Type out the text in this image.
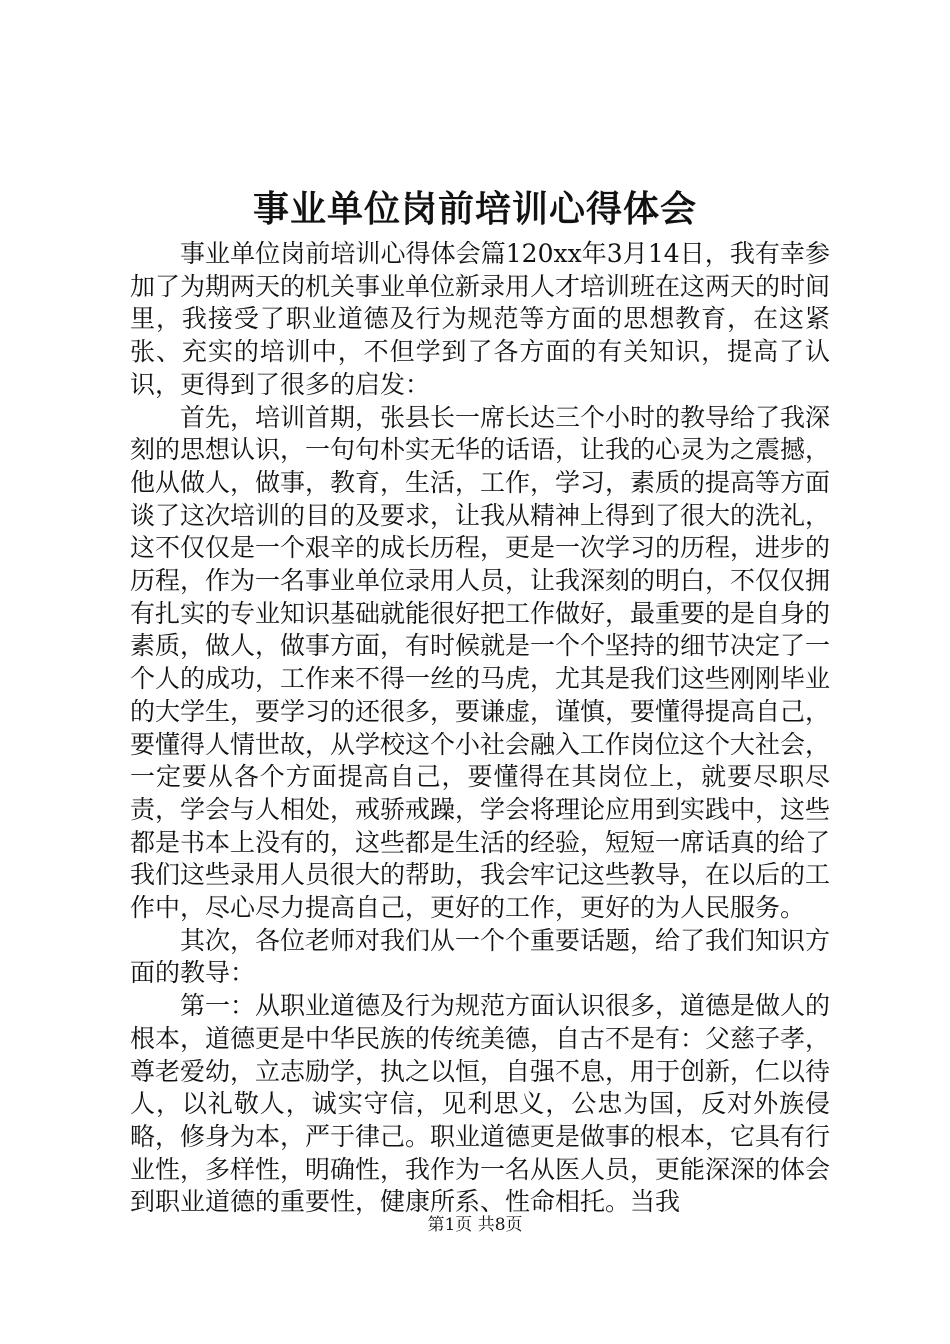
事业单位岗前培训心得体会

事业单位岗前培训心得体会篇120xx年3月14日，我有幸参加了为期两天的机关事业单位新录用人才培训班在这两天的时间里，我接受了职业道德及行为规范等方面的思想教育，在这紧张、充实的培训中，不但学到了各方面的有关知识，提高了认识，更得到了很多的启发：

首先，培训首期，张县长一席长达三个小时的教导给了我深刻的思想认识，一句句朴实无华的话语，让我的心灵为之震撼，他从做人，做事，教育，生活，工作，学习，素质的提高等方面谈了这次培训的目的及要求，让我从精神上得到了很大的洗礼，这不仅仅是一个艰辛的成长历程，更是一次学习的历程，进步的历程，作为一名事业单位录用人员，让我深刻的明白，不仅仅拥有扎实的专业知识基础就能很好把工作做好，最重要的是自身的素质，做人，做事方面，有时候就是一个个坚持的细节决定了一个人的成功，工作来不得一丝的马虎，尤其是我们这些刚刚毕业的大学生，要学习的还很多，要谦虚，谨慎，要懂得提高自己，要懂得人情世故，从学校这个小社会融入工作岗位这个大社会，一定要从各个方面提高自己，要懂得在其岗位上，就要尽职尽责，学会与人相处，戒骄戒躁，学会将理论应用到实践中，这些都是书本上没有的，这些都是生活的经验，短短一席话真的给了我们这些录用人员很大的帮助，我会牢记这些教导，在以后的工作中，尽心尽力提高自己，更好的工作，更好的为人民服务。

其次，各位老师对我们从一个个重要话题，给了我们知识方面的教导：

第一：从职业道德及行为规范方面认识很多，道德是做人的根本，道德更是中华民族的传统美德，自古不是有：父慈子孝，尊老爱幼，立志励学，执之以恒，自强不息，用于创新，仁以待人，以礼敬人，诚实守信，见利思义，公忠为国，反对外族侵略，修身为本，严于律己。职业道德更是做事的根本，它具有行业性，多样性，明确性，我作为一名从医人员，更能深深的体会到职业道德的重要性，健康所系、性命相托。当我

第1页 共8页
